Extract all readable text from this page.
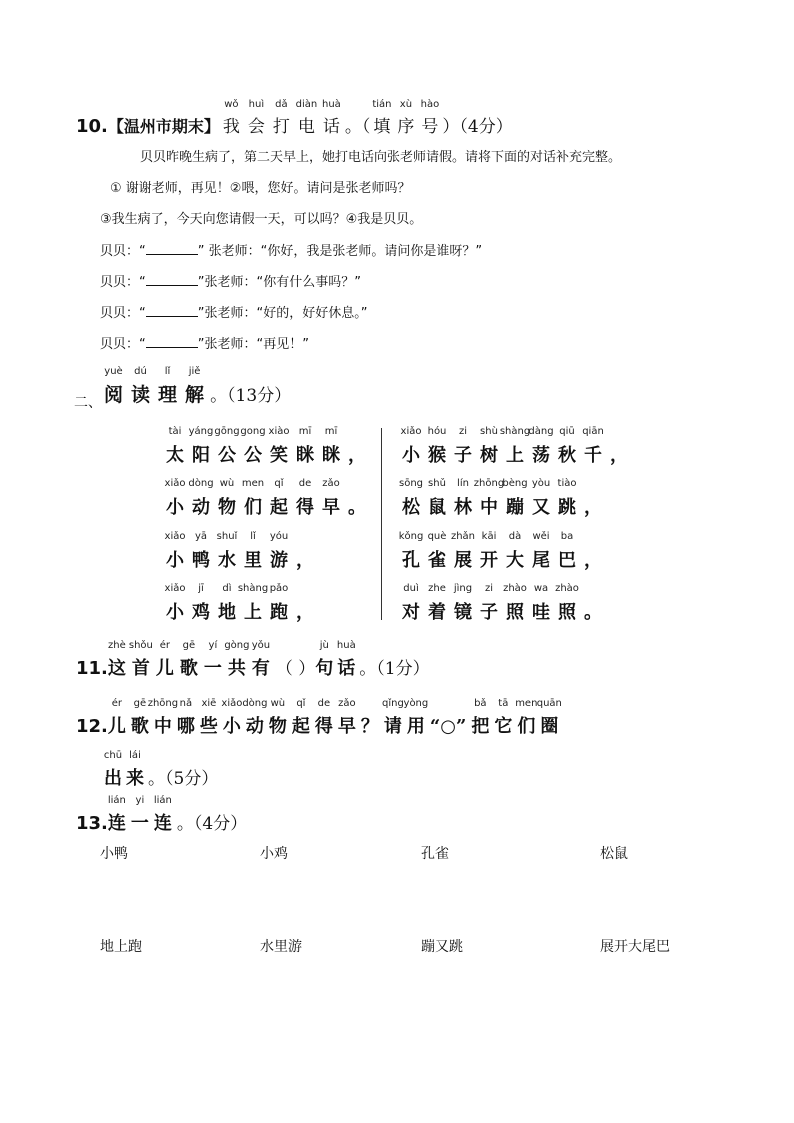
10.【温州市期末】
wǒ
我
huì
会
dǎ
打
diàn
电
huà
话 。（
tián
填
xù
序
hào
号 ）（4分）
贝贝昨晚生病了，第二天早上，她打电话向张老师请假。请将下面的对话补充完整。
① 谢谢老师，再见！②喂，您好。请问是张老师吗？
③我生病了，今天向您请假一天，可以吗？④我是贝贝。
贝贝：“	” 张老师：“你好，我是张老师。请问你是谁呀？”
贝贝：“	”张老师：“你有什么事吗？”
贝贝：“	”张老师：“好的，好好休息。”
贝贝：“	”张老师：“再见！”
二、
yuè
阅
dú
读
lǐ
理
jiě
解 。（13分）
tài
太
yáng
阳
gōng
公
gong
公
xiào
笑
mī
眯
mī
眯 ，
xiǎo
小
dòng
动
wù
物
men
们
qǐ
起
de
得
zǎo
早 。
xiǎo
小
yā
鸭
shuǐ
水
lǐ
里
yóu
游 ，
xiǎo
小
jī
鸡
dì
地
shàng
上
pǎo
跑 ，
xiǎo
小
hóu
猴
zi
子
shù
树
shàng
上
dàng
荡
qiū
秋
qiān
千 ，
sōng
松
shǔ
鼠
lín
林
zhōng
中
bèng
蹦
yòu
又
tiào
跳 ，
kǒng
孔
què
雀
zhǎn
展
kāi
开
dà
大
wěi
尾
ba
巴 ，
duì
对
zhe
着
jìng
镜
zi
子
zhào
照
wa
哇
zhào
照 。
11.
zhè
这
shǒu
首
ér
儿
gē
歌
yí
一
gòng
共
yǒu
有 （ ）
jù
句
huà
话 。（1分）
12.
ér
儿
gē
歌
zhōng
中
nǎ
哪
xiē
些
xiǎo
小
dòng
动
wù
物
qǐ
起
de
得
zǎo
早 ？
qǐng
请
yòng
用 “○”
bǎ
把
tā
它
men
们
quān
圈
chū
出
lái
来 。（5分）
13.
lián
连
yi
一
lián
连 。（4分）
小鸭	小鸡	孔雀	松鼠
地上跑	水里游	蹦又跳	展开大尾巴
